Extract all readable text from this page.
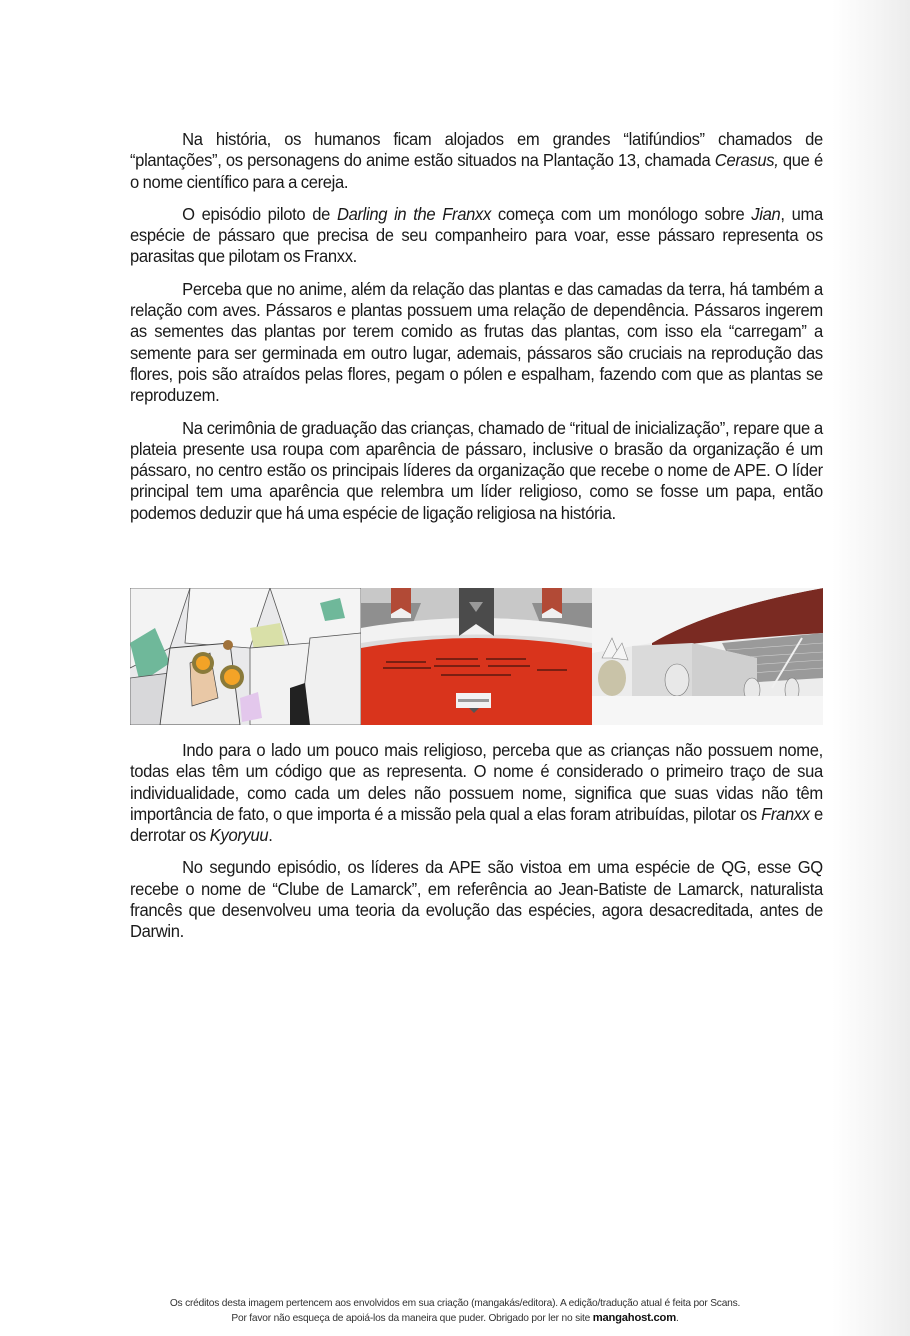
Na história, os humanos ficam alojados em grandes “latifúndios” chamados de “plantações”, os personagens do anime estão situados na Plantação 13, chamada Cerasus, que é o nome científico para a cereja.

O episódio piloto de Darling in the Franxx começa com um monólogo sobre Jian, uma espécie de pássaro que precisa de seu companheiro para voar, esse pássaro representa os parasitas que pilotam os Franxx.

Perceba que no anime, além da relação das plantas e das camadas da terra, há também a relação com aves. Pássaros e plantas possuem uma relação de dependência. Pássaros ingerem as sementes das plantas por terem comido as frutas das plantas, com isso ela “carregam” a semente para ser germinada em outro lugar, ademais, pássaros são cruciais na reprodução das flores, pois são atraídos pelas flores, pegam o pólen e espalham, fazendo com que as plantas se reproduzem.

Na cerimônia de graduação das crianças, chamado de “ritual de inicialização”, repare que a plateia presente usa roupa com aparência de pássaro, inclusive o brasão da organização é um pássaro, no centro estão os principais líderes da organização que recebe o nome de APE. O líder principal tem uma aparência que relembra um líder religioso, como se fosse um papa, então podemos deduzir que há uma espécie de ligação religiosa na história.

Indo para o lado um pouco mais religioso, perceba que as crianças não possuem nome, todas elas têm um código que as representa. O nome é considerado o primeiro traço de sua individualidade, como cada um deles não possuem nome, significa que suas vidas não têm importância de fato, o que importa é a missão pela qual a elas foram atribuídas, pilotar os Franxx e derrotar os Kyoryuu.

No segundo episódio, os líderes da APE são vistoa em uma espécie de QG, esse GQ recebe o nome de “Clube de Lamarck”, em referência ao Jean-Batiste de Lamarck, naturalista francês que desenvolveu uma teoria da evolução das espécies, agora desacreditada, antes de Darwin.

Os créditos desta imagem pertencem aos envolvidos em sua criação (mangakás/editora). A edição/tradução atual é feita por Scans.
Por favor não esqueça de apoiá-los da maneira que puder. Obrigado por ler no site mangahost.com.
